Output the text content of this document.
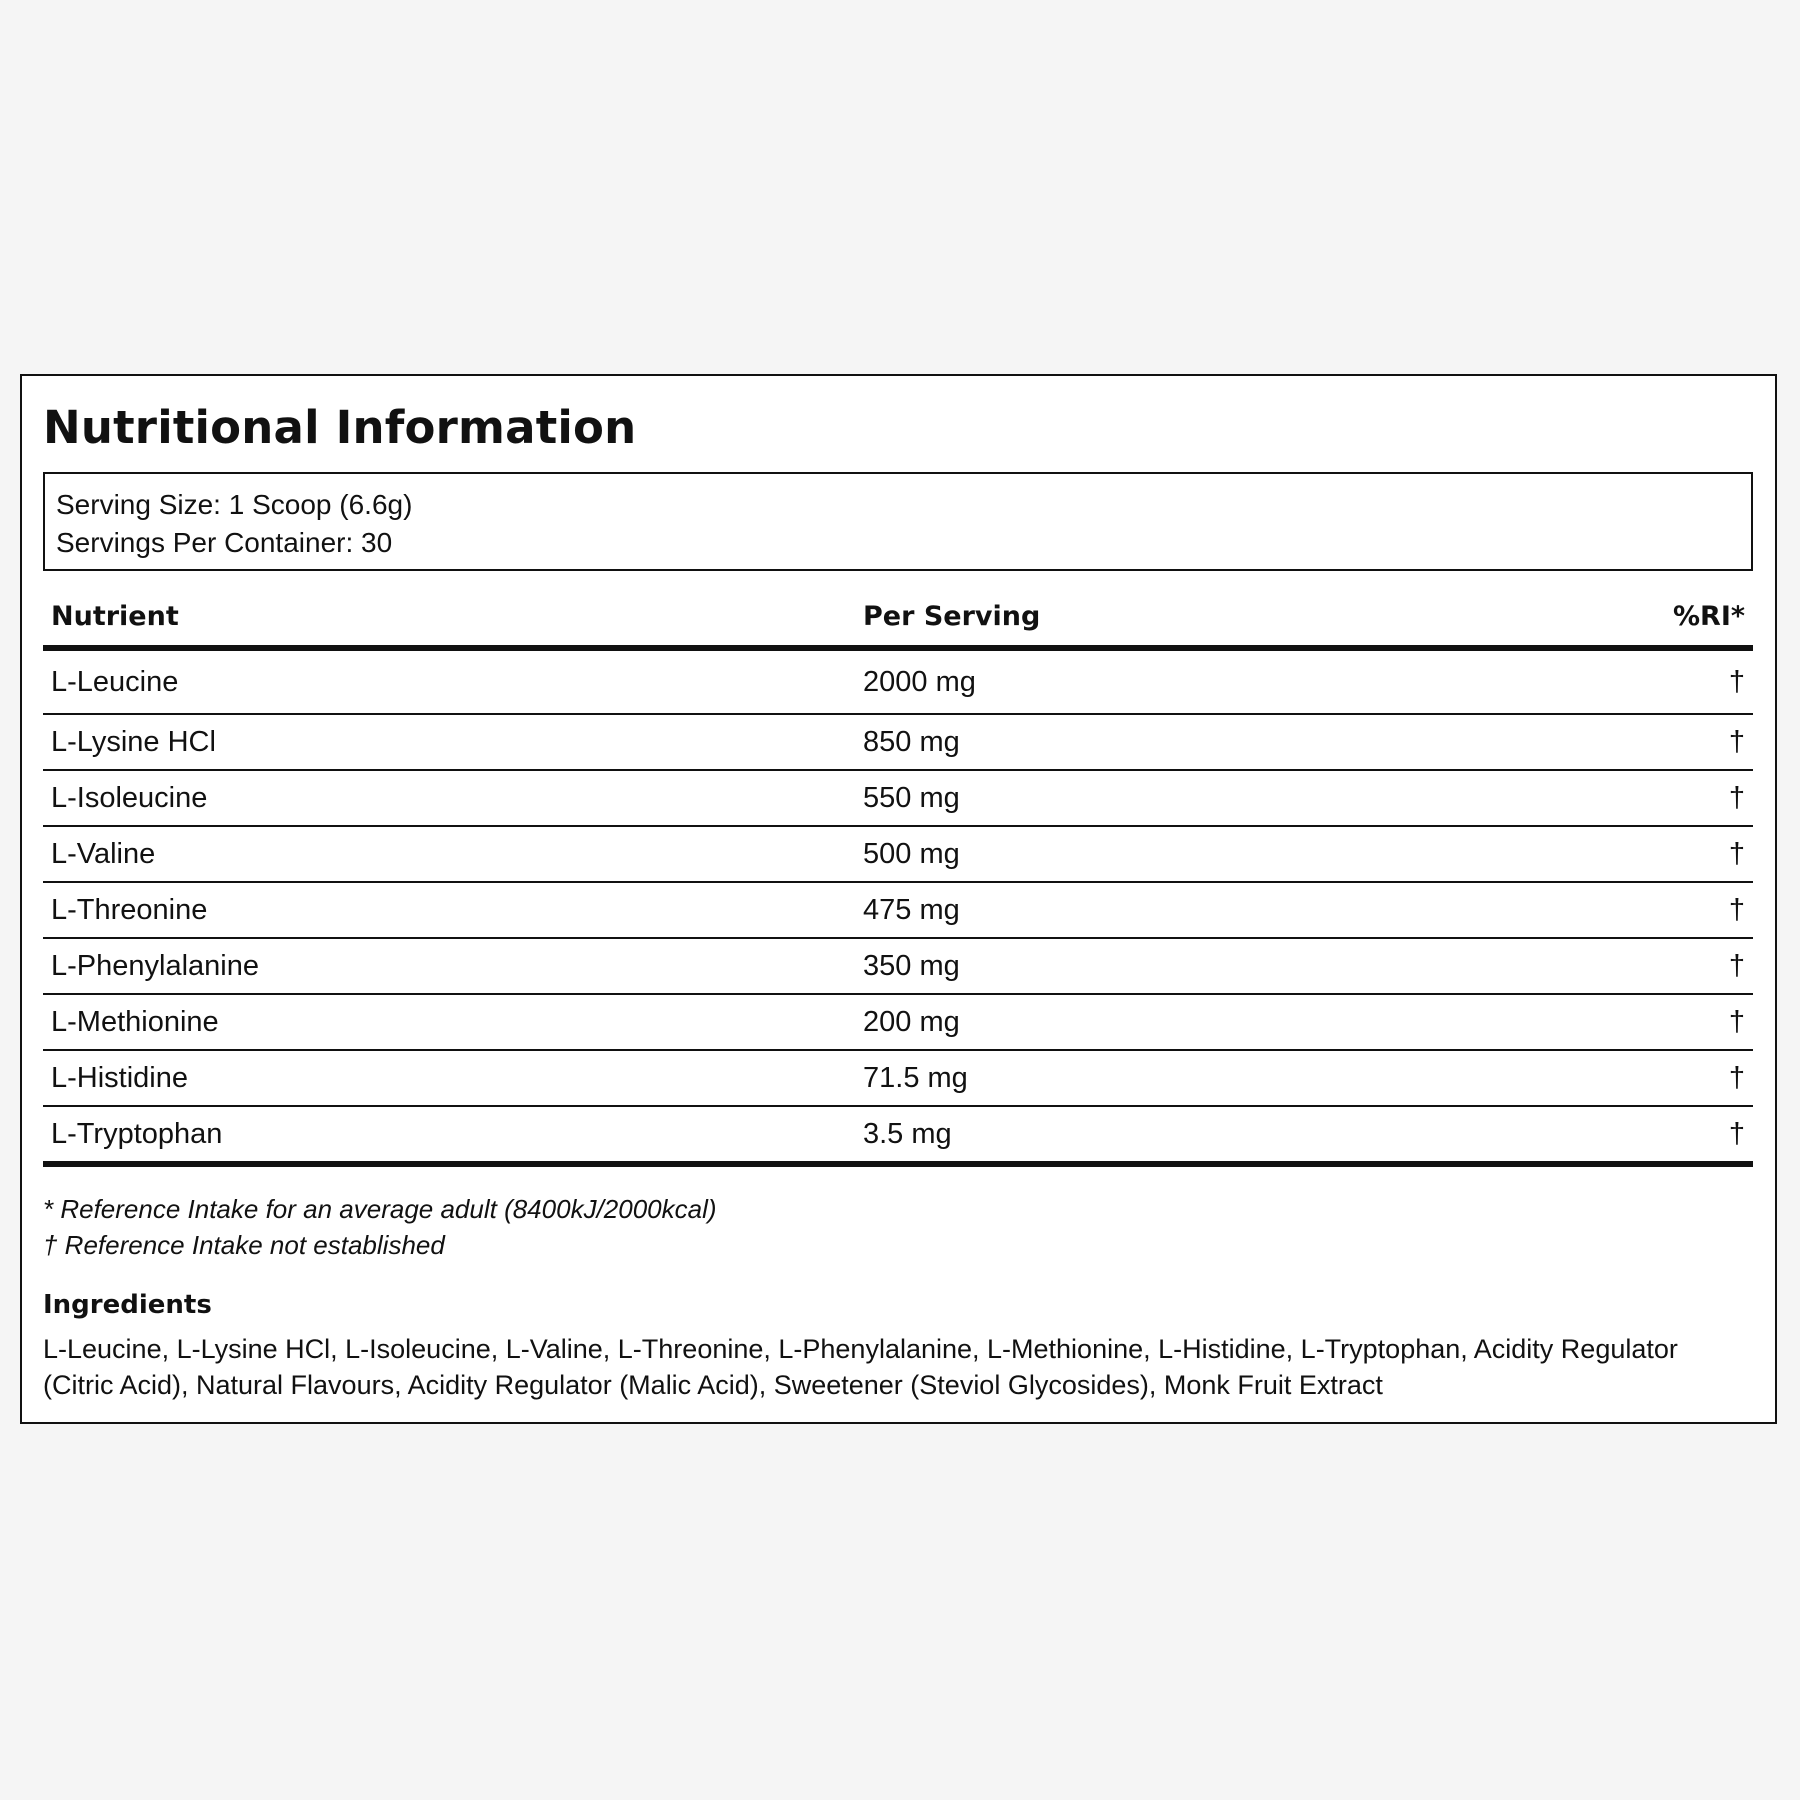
Nutritional Information
Serving Size: 1 Scoop (6.6g)
Servings Per Container: 30
Nutrient	Per Serving	%RI*
L-Leucine	2000 mg	†
L-Lysine HCl	850 mg	†
L-Isoleucine	550 mg	†
L-Valine	500 mg	†
L-Threonine	475 mg	†
L-Phenylalanine	350 mg	†
L-Methionine	200 mg	†
L-Histidine	71.5 mg	†
L-Tryptophan	3.5 mg	†
* Reference Intake for an average adult (8400kJ/2000kcal)
† Reference Intake not established
Ingredients
L-Leucine, L-Lysine HCl, L-Isoleucine, L-Valine, L-Threonine, L-Phenylalanine, L-Methionine, L-Histidine, L-Tryptophan, Acidity Regulator (Citric Acid), Natural Flavours, Acidity Regulator (Malic Acid), Sweetener (Steviol Glycosides), Monk Fruit Extract
